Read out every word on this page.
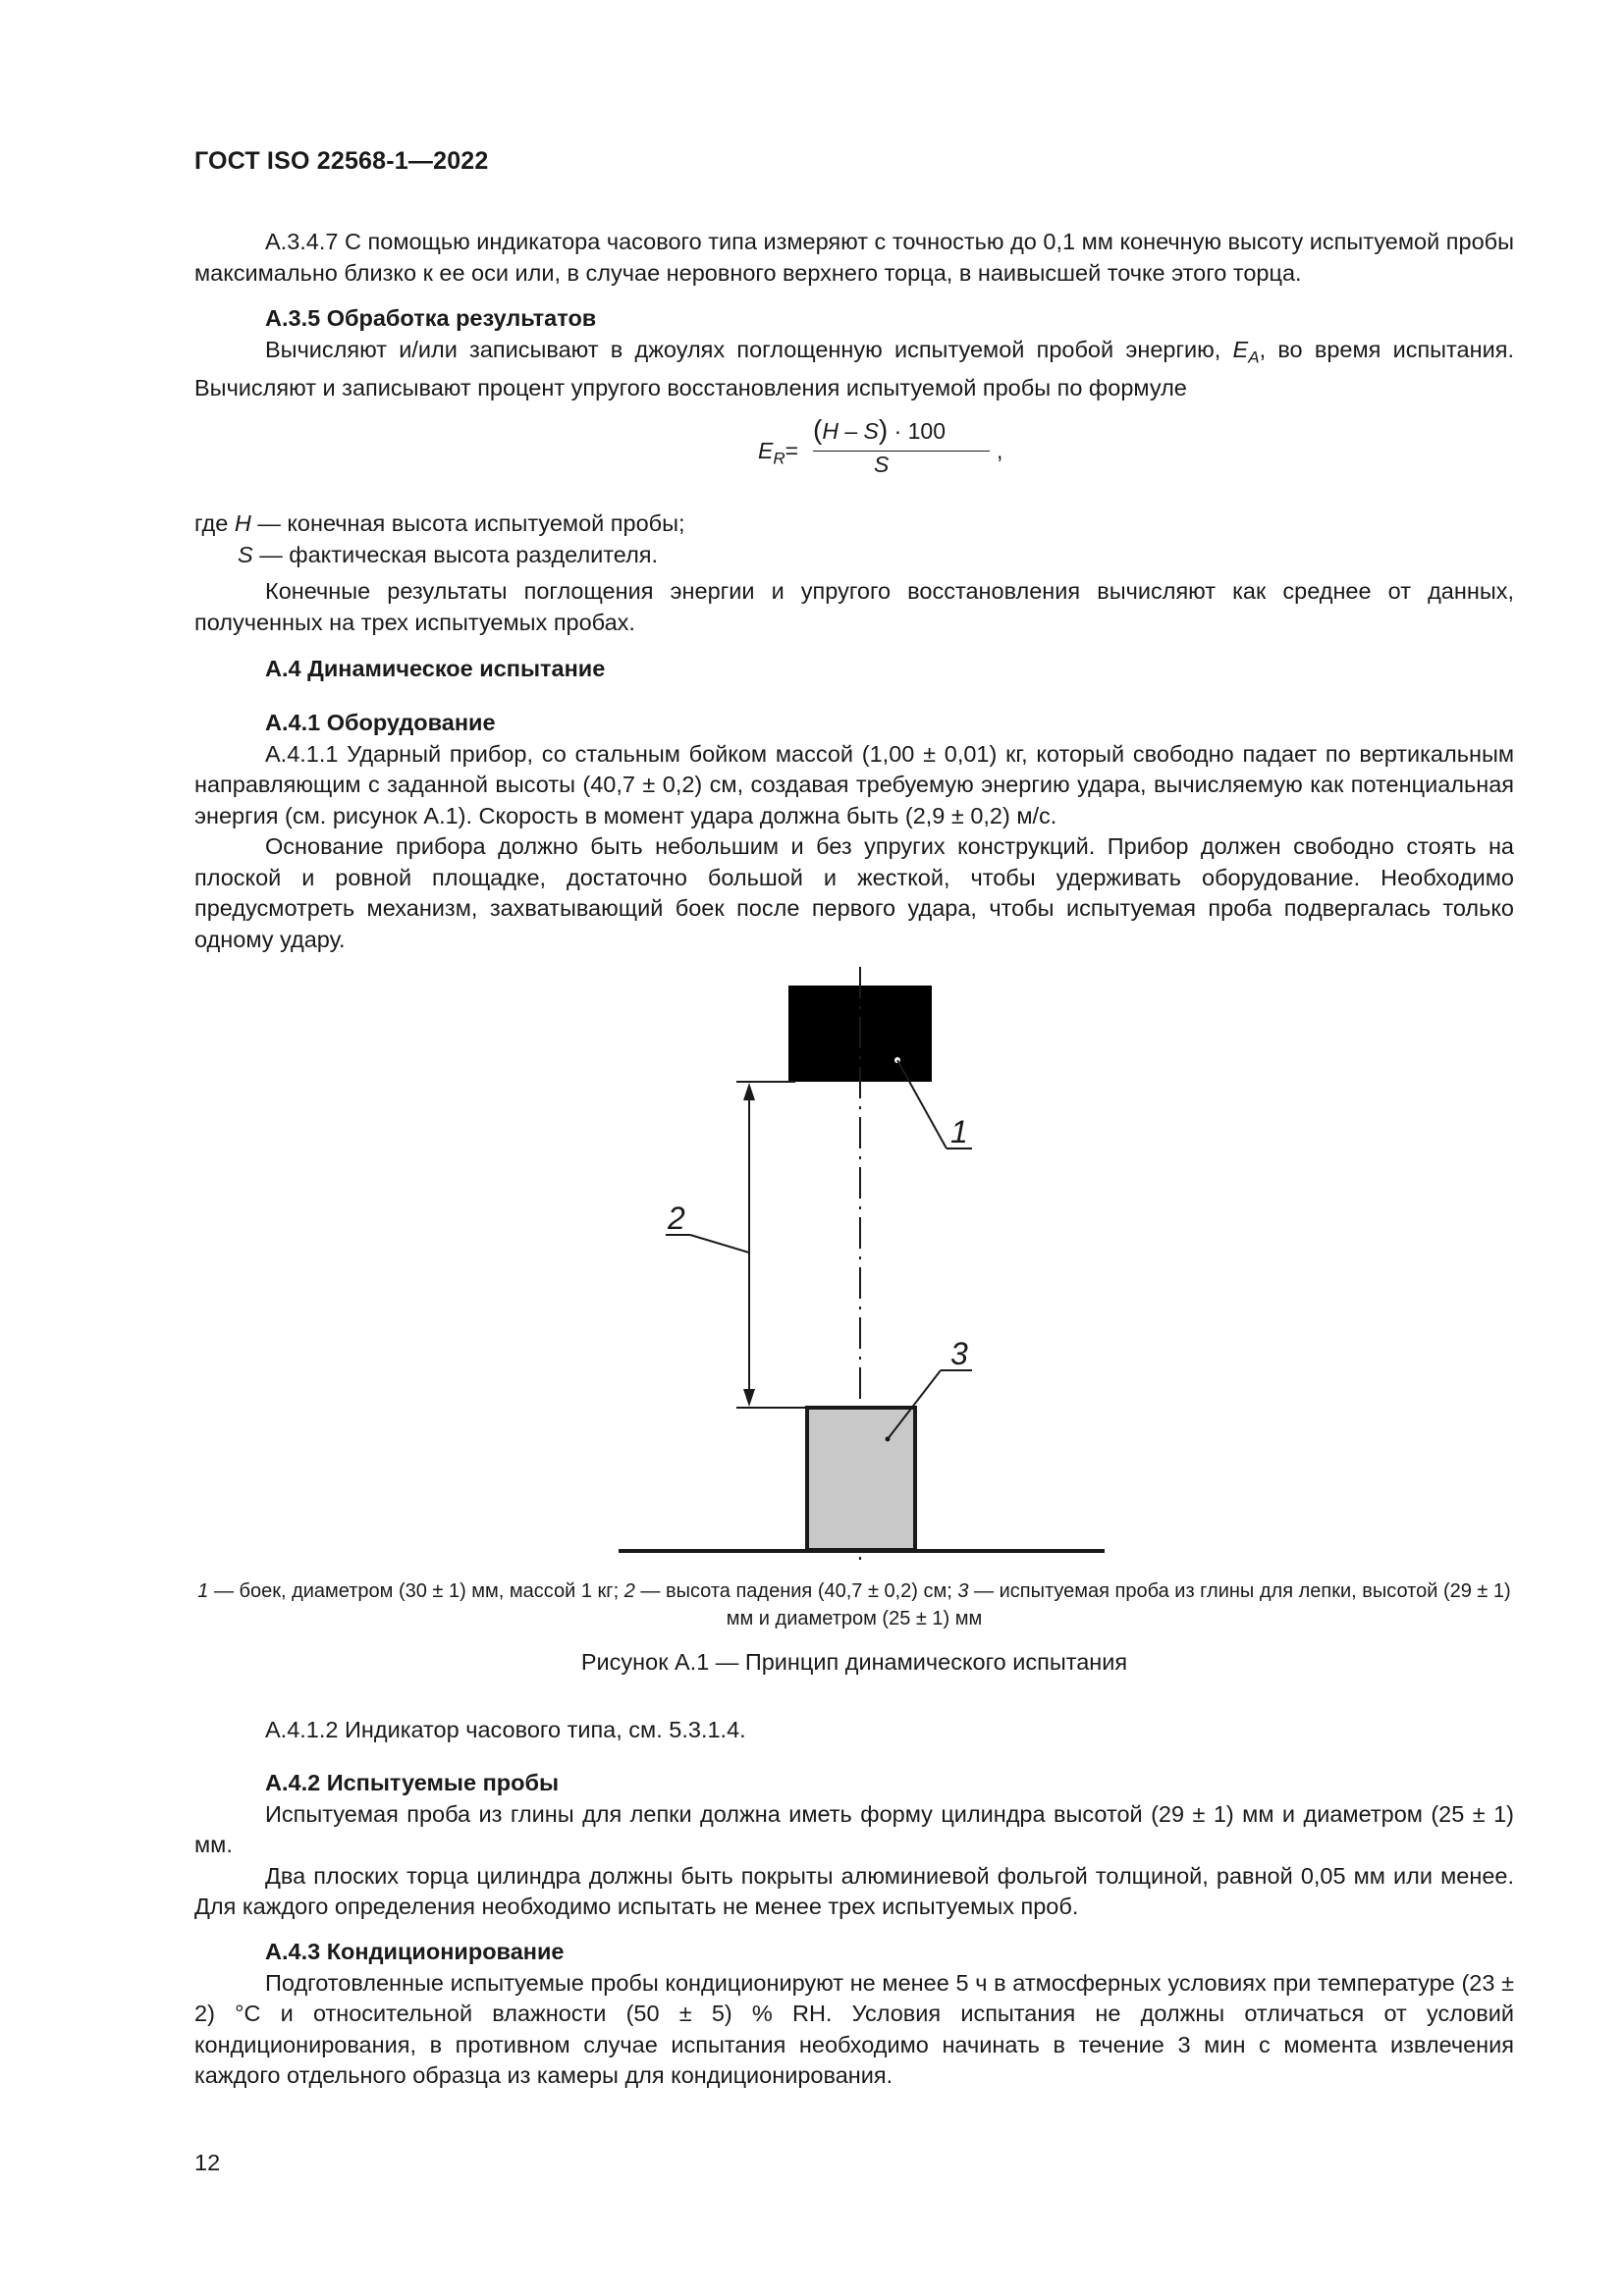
ГОСТ ISO 22568-1—2022

А.3.4.7 С помощью индикатора часового типа измеряют с точностью до 0,1 мм конечную высоту испытуемой пробы максимально близко к ее оси или, в случае неровного верхнего торца, в наивысшей точке этого торца.

А.3.5 Обработка результатов

Вычисляют и/или записывают в джоулях поглощенную испытуемой пробой энергию, $E_A$, во время испытания. Вычисляют и записывают процент упругого восстановления испытуемой пробы по формуле

$E_R=$
(H – S) · 100
S
,
где H — конечная высота испытуемой пробы;
S — фактическая высота разделителя.

Конечные результаты поглощения энергии и упругого восстановления вычисляют как среднее от данных, полученных на трех испытуемых пробах.

А.4 Динамическое испытание

А.4.1 Оборудование

А.4.1.1 Ударный прибор, со стальным бойком массой (1,00 ± 0,01) кг, который свободно падает по вертикальным направляющим с заданной высоты (40,7 ± 0,2) см, создавая требуемую энергию удара, вычисляемую как потенциальная энергия (см. рисунок А.1). Скорость в момент удара должна быть (2,9 ± 0,2) м/с.

Основание прибора должно быть небольшим и без упругих конструкций. Прибор должен свободно стоять на плоской и ровной площадке, достаточно большой и жесткой, чтобы удерживать оборудование. Необходимо предусмотреть механизм, захватывающий боек после первого удара, чтобы испытуемая проба подвергалась только одному удару.

1
2
3
1 — боек, диаметром (30 ± 1) мм, массой 1 кг; 2 — высота падения (40,7 ± 0,2) см; 3 — испытуемая проба из глины для лепки, высотой (29 ± 1) мм и диаметром (25 ± 1) мм
Рисунок А.1 — Принцип динамического испытания

А.4.1.2 Индикатор часового типа, см. 5.3.1.4.

А.4.2 Испытуемые пробы

Испытуемая проба из глины для лепки должна иметь форму цилиндра высотой (29 ± 1) мм и диаметром (25 ± 1) мм.

Два плоских торца цилиндра должны быть покрыты алюминиевой фольгой толщиной, равной 0,05 мм или менее. Для каждого определения необходимо испытать не менее трех испытуемых проб.

А.4.3 Кондиционирование

Подготовленные испытуемые пробы кондиционируют не менее 5 ч в атмосферных условиях при температуре (23 ± 2) °C и относительной влажности (50 ± 5) % RH. Условия испытания не должны отличаться от условий кондиционирования, в противном случае испытания необходимо начинать в течение 3 мин с момента извлечения каждого отдельного образца из камеры для кондиционирования.

12
